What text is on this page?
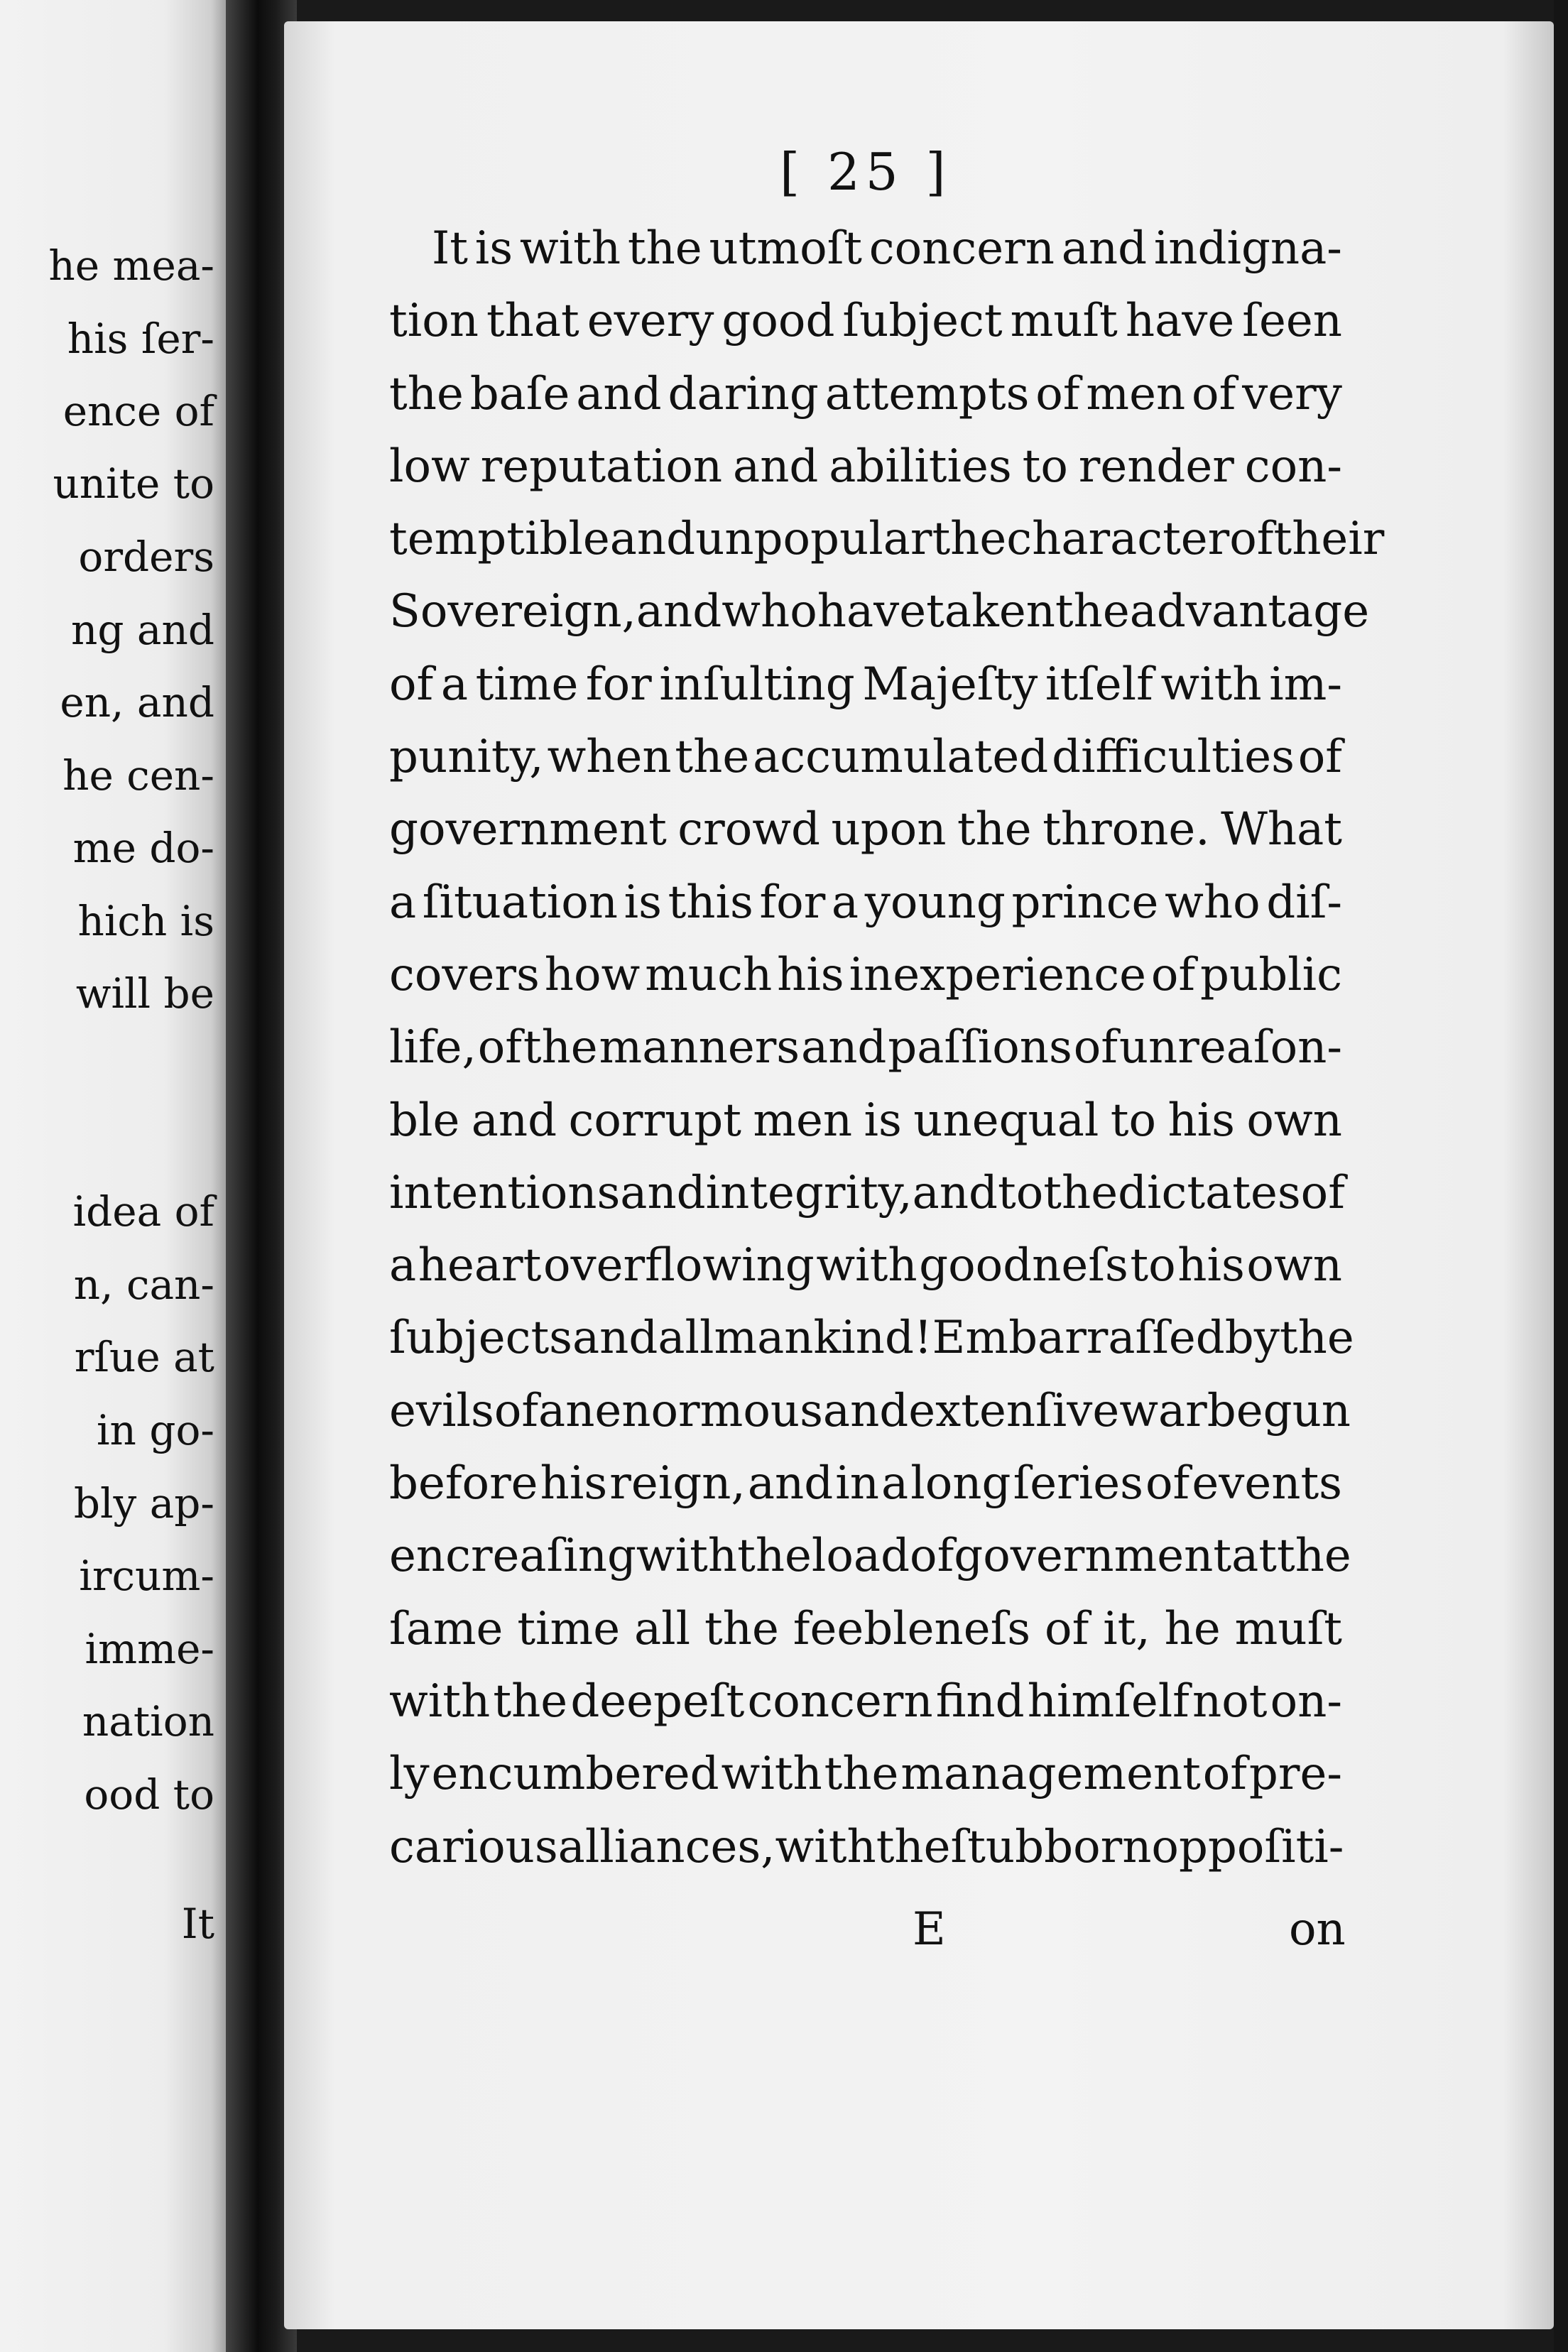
he mea-

his ſer-

ence of

unite to

orders

ng and

en, and

he cen-

me do-

hich is

will be

idea of

n, can-

rſue at

in go-

bly ap-

ircum-

imme-

nation

ood to

It

[ 25 ]

It is with the utmoſt concern and indigna-
tion that every good ſubject muſt have ſeen
the baſe and daring attempts of men of very
low reputation and abilities to render con-
temptible and unpopular the character of their
Sovereign, and who have taken the advantage
of a time for inſulting Majeſty itſelf with im-
punity, when the accumulated difficulties of
government crowd upon the throne. What
a ſituation is this for a young prince who diſ-
covers how much his inexperience of public
life, of the manners and paſſions of unreaſon-
ble and corrupt men is unequal to his own
intentions and integrity, and to the dictates of
a heart overflowing with goodneſs to his own
ſubjects and all mankind ! Embarraſſed by the
evils of an enormous and extenſive war begun
before his reign, and in a long ſeries of events
encreaſing with the load of government at the
ſame time all the feebleneſs of it, he muſt
with the deepeſt concern find himſelf not on-
ly encumbered with the management of pre-
carious alliances, with the ſtubborn oppoſiti-

E	on
